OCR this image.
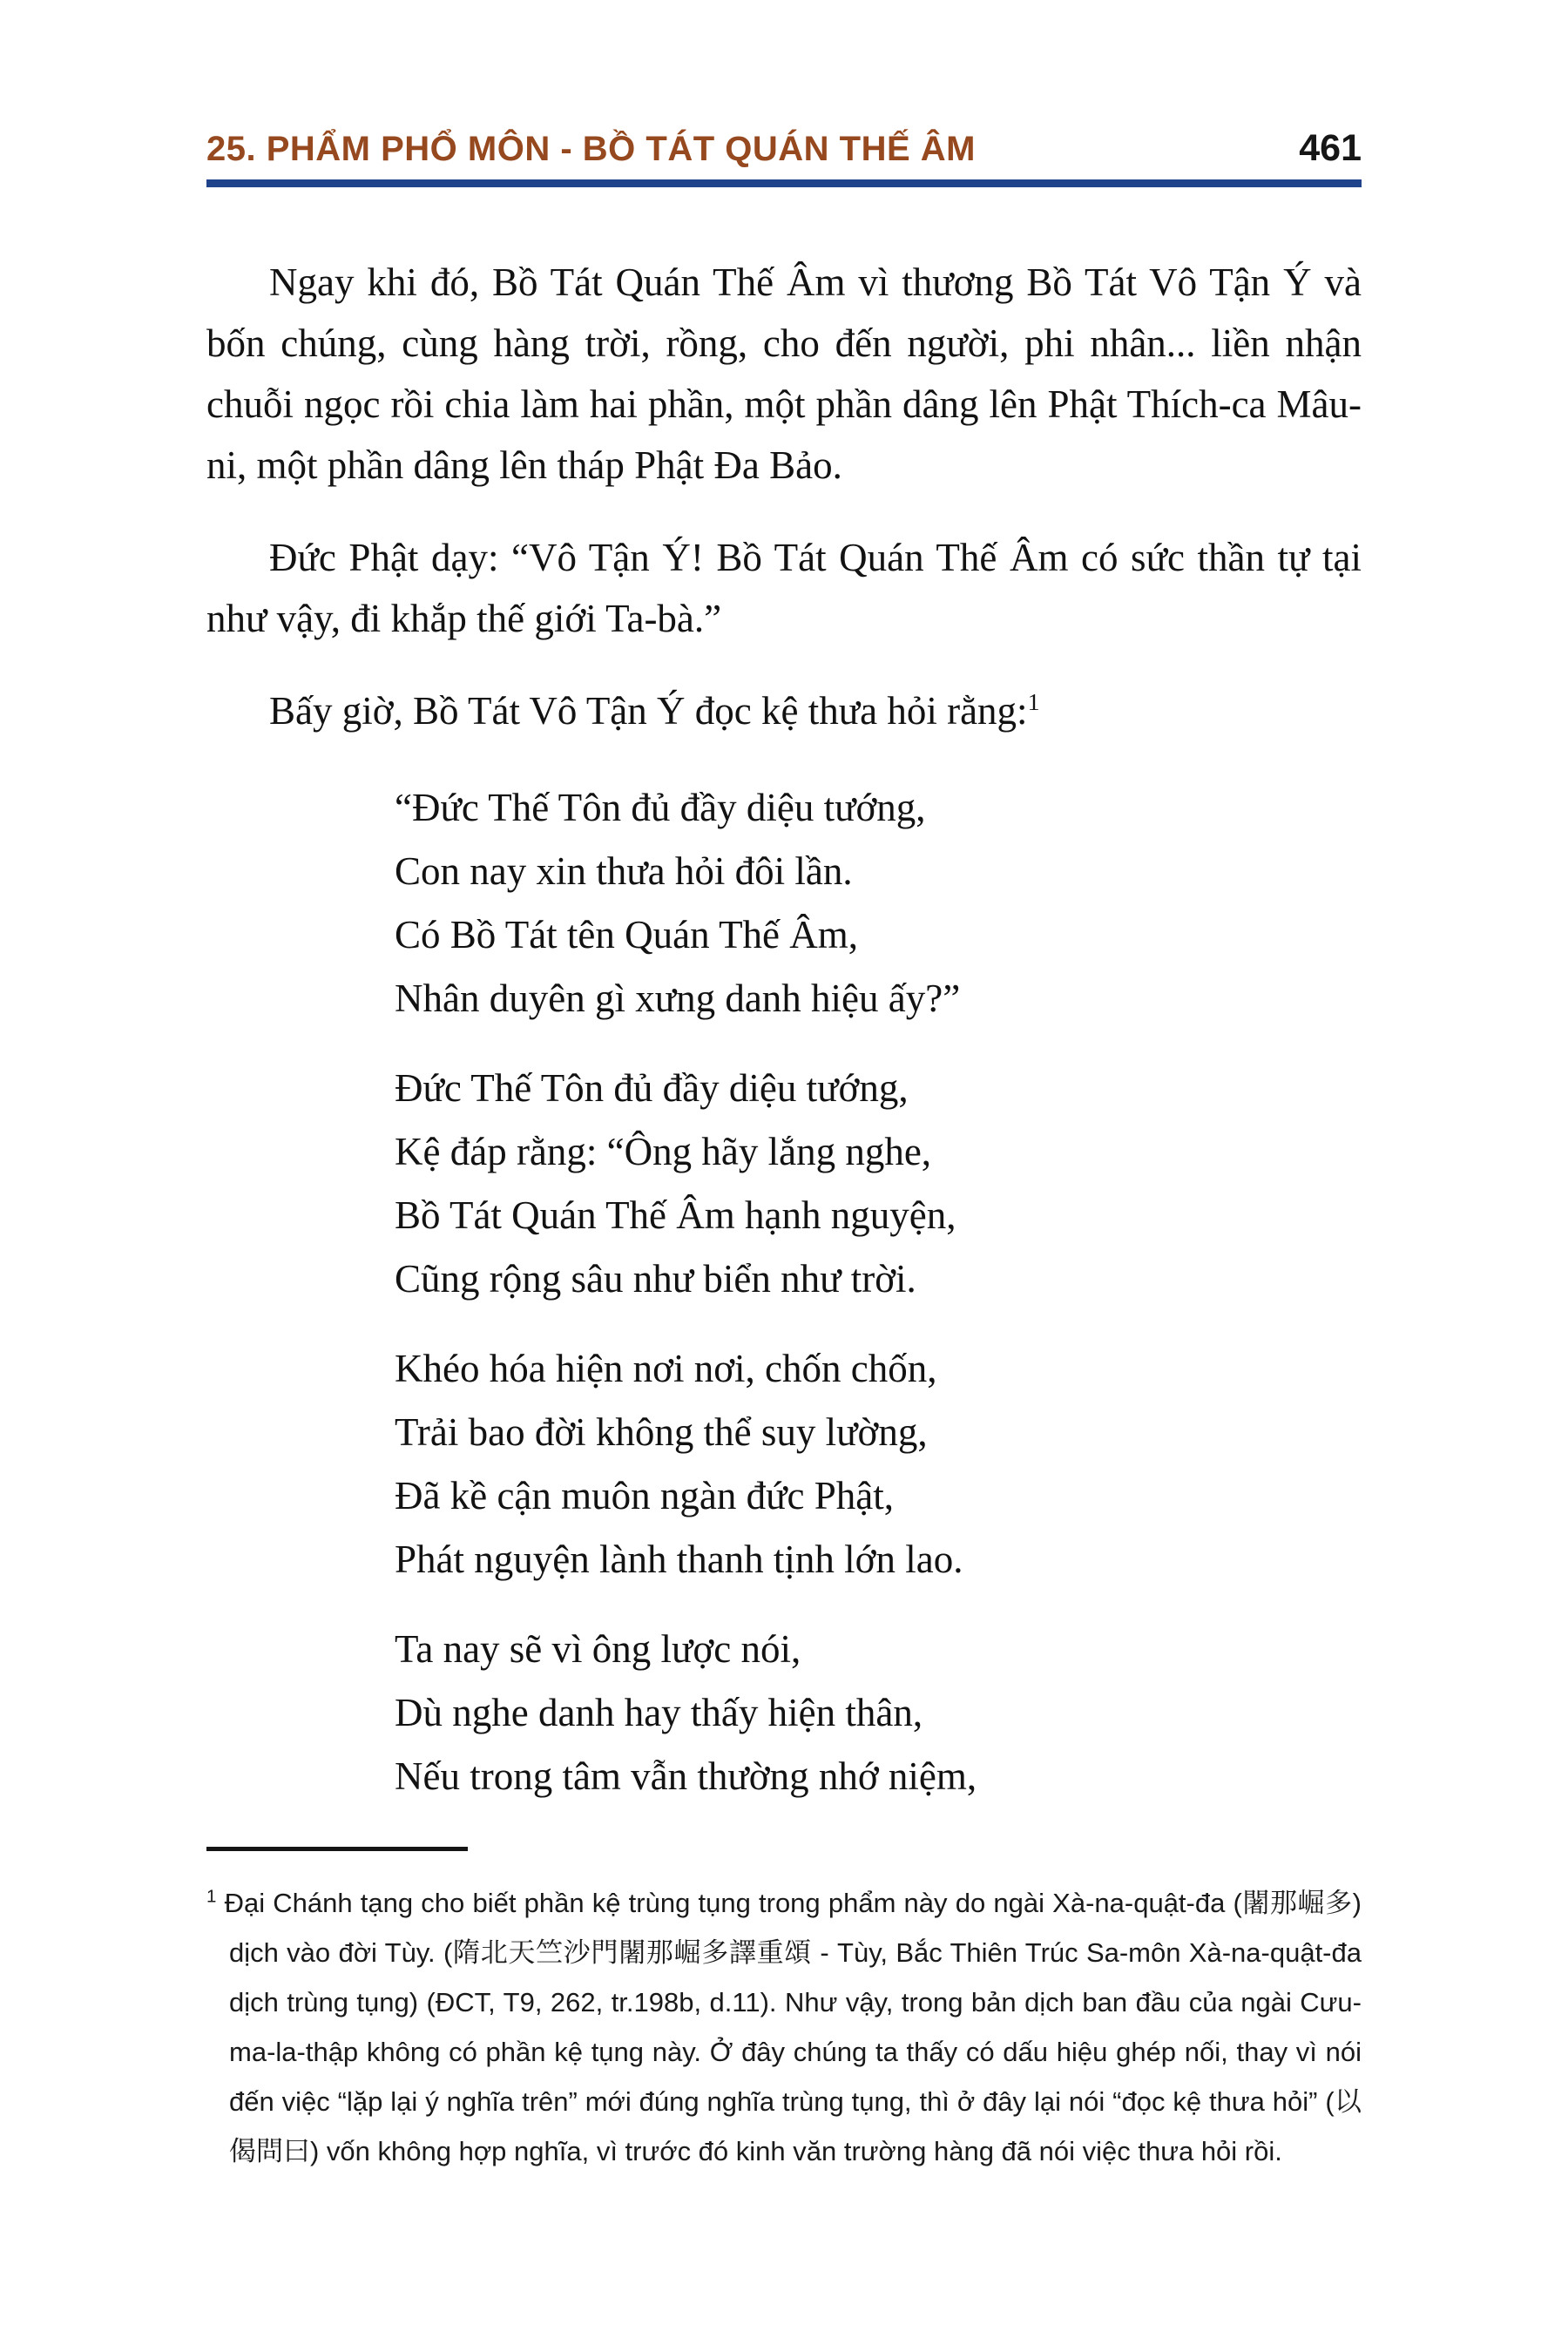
25. PHẨM PHỔ MÔN - BỒ TÁT QUÁN THẾ ÂM	461

Ngay khi đó, Bồ Tát Quán Thế Âm vì thương Bồ Tát Vô Tận Ý và bốn chúng, cùng hàng trời, rồng, cho đến người, phi nhân... liền nhận chuỗi ngọc rồi chia làm hai phần, một phần dâng lên Phật Thích-ca Mâu-ni, một phần dâng lên tháp Phật Đa Bảo.

Đức Phật dạy: “Vô Tận Ý! Bồ Tát Quán Thế Âm có sức thần tự tại như vậy, đi khắp thế giới Ta-bà.”

Bấy giờ, Bồ Tát Vô Tận Ý đọc kệ thưa hỏi rằng:$^1$

“Đức Thế Tôn đủ đầy diệu tướng,
Con nay xin thưa hỏi đôi lần.
Có Bồ Tát tên Quán Thế Âm,
Nhân duyên gì xưng danh hiệu ấy?”
Đức Thế Tôn đủ đầy diệu tướng,
Kệ đáp rằng: “Ông hãy lắng nghe,
Bồ Tát Quán Thế Âm hạnh nguyện,
Cũng rộng sâu như biển như trời.
Khéo hóa hiện nơi nơi, chốn chốn,
Trải bao đời không thể suy lường,
Đã kề cận muôn ngàn đức Phật,
Phát nguyện lành thanh tịnh lớn lao.
Ta nay sẽ vì ông lược nói,
Dù nghe danh hay thấy hiện thân,
Nếu trong tâm vẫn thường nhớ niệm,

$^1$ Đại Chánh tạng cho biết phần kệ trùng tụng trong phẩm này do ngài Xà-na-quật-đa (闍那崛多) dịch vào đời Tùy. (隋北天竺沙門闍那崛多譯重頌 - Tùy, Bắc Thiên Trúc Sa-môn Xà-na-quật-đa dịch trùng tụng) (ĐCT, T9, 262, tr.198b, d.11). Như vậy, trong bản dịch ban đầu của ngài Cưu-ma-la-thập không có phần kệ tụng này. Ở đây chúng ta thấy có dấu hiệu ghép nối, thay vì nói đến việc “lặp lại ý nghĩa trên” mới đúng nghĩa trùng tụng, thì ở đây lại nói “đọc kệ thưa hỏi” (以偈問曰) vốn không hợp nghĩa, vì trước đó kinh văn trường hàng đã nói việc thưa hỏi rồi.
